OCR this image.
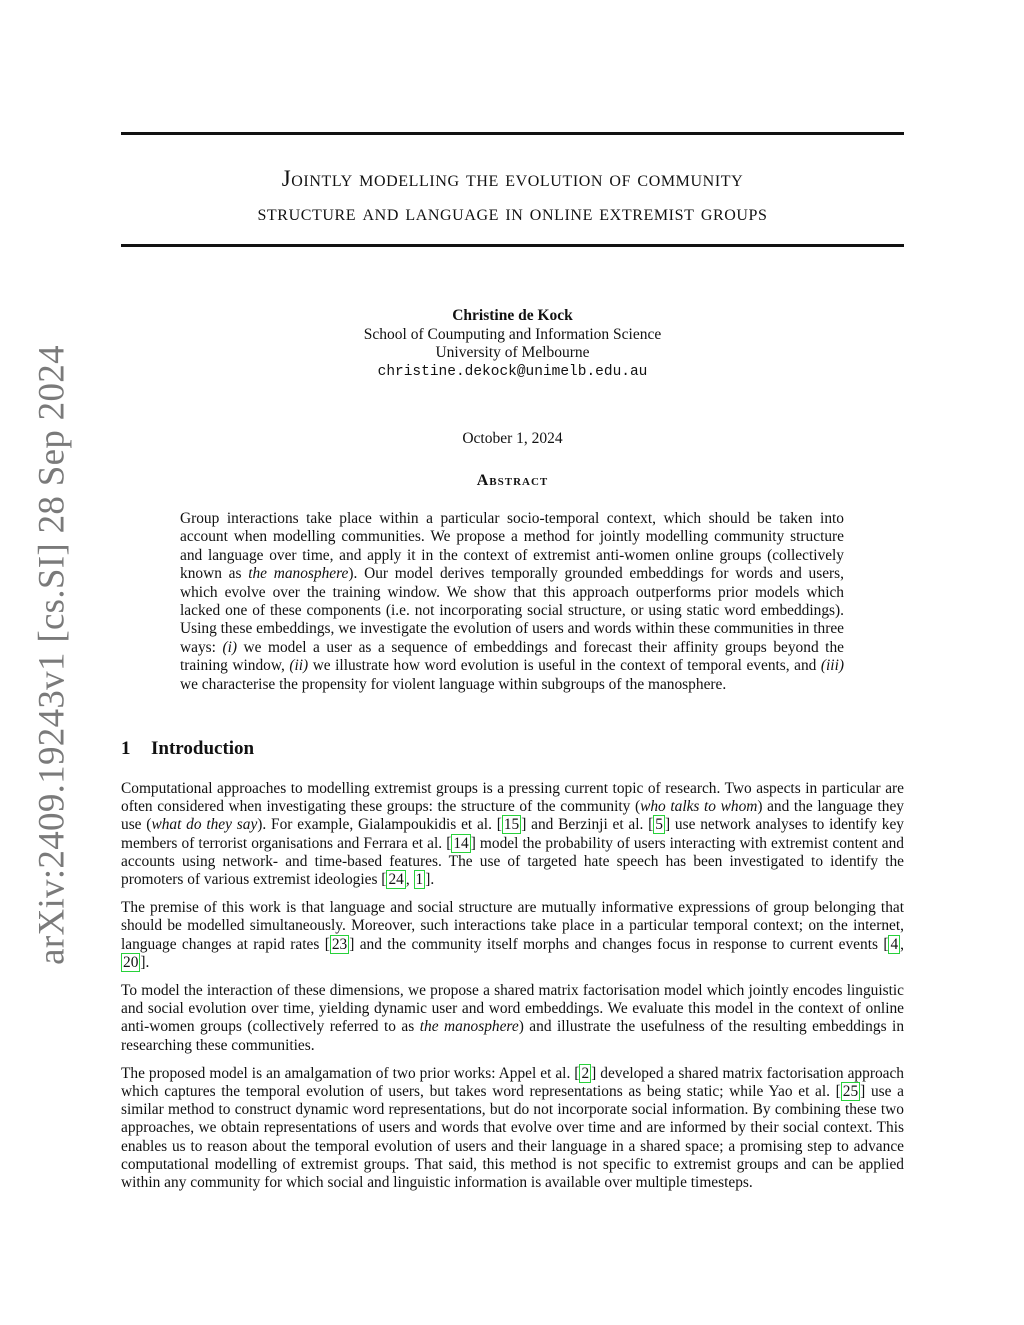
Jointly modelling the evolution of community
structure and language in online extremist groups
Christine de Kock
School of Coumputing and Information Science
University of Melbourne
christine.dekock@unimelb.edu.au
October 1, 2024
Abstract
Group interactions take place within a particular socio-temporal context, which should be taken into account when modelling communities. We propose a method for jointly modelling community structure and language over time, and apply it in the context of extremist anti-women online groups (collectively known as the manosphere). Our model derives temporally grounded embeddings for words and users, which evolve over the training window. We show that this approach outperforms prior models which lacked one of these components (i.e. not incorporating social structure, or using static word embeddings). Using these embeddings, we investigate the evolution of users and words within these communities in three ways: (i) we model a user as a sequence of embeddings and forecast their affinity groups beyond the training window, (ii) we illustrate how word evolution is useful in the context of temporal events, and (iii) we characterise the propensity for violent language within subgroups of the manosphere.
1 Introduction

Computational approaches to modelling extremist groups is a pressing current topic of research. Two aspects in particular are often considered when investigating these groups: the structure of the community (who talks to whom) and the language they use (what do they say). For example, Gialampoukidis et al. [ 15 ] and Berzinji et al. [ 5 ] use network analyses to identify key members of terrorist organisations and Ferrara et al. [ 14 ] model the probability of users interacting with extremist content and accounts using network- and time-based features. The use of targeted hate speech has been investigated to identify the promoters of various extremist ideologies [ 24 , 1 ].

The premise of this work is that language and social structure are mutually informative expressions of group belonging that should be modelled simultaneously. Moreover, such interactions take place in a particular temporal context; on the internet, language changes at rapid rates [ 23 ] and the community itself morphs and changes focus in response to current events [ 4 , 20 ].

To model the interaction of these dimensions, we propose a shared matrix factorisation model which jointly encodes linguistic and social evolution over time, yielding dynamic user and word embeddings. We evaluate this model in the context of online anti-women groups (collectively referred to as the manosphere) and illustrate the usefulness of the resulting embeddings in researching these communities.

The proposed model is an amalgamation of two prior works: Appel et al. [ 2 ] developed a shared matrix factorisation approach which captures the temporal evolution of users, but takes word representations as being static; while Yao et al. [ 25 ] use a similar method to construct dynamic word representations, but do not incorporate social information. By combining these two approaches, we obtain representations of users and words that evolve over time and are informed by their social context. This enables us to reason about the temporal evolution of users and their language in a shared space; a promising step to advance computational modelling of extremist groups. That said, this method is not specific to extremist groups and can be applied within any community for which social and linguistic information is available over multiple timesteps.

arXiv:2409.19243v1 [cs.SI] 28 Sep 2024
